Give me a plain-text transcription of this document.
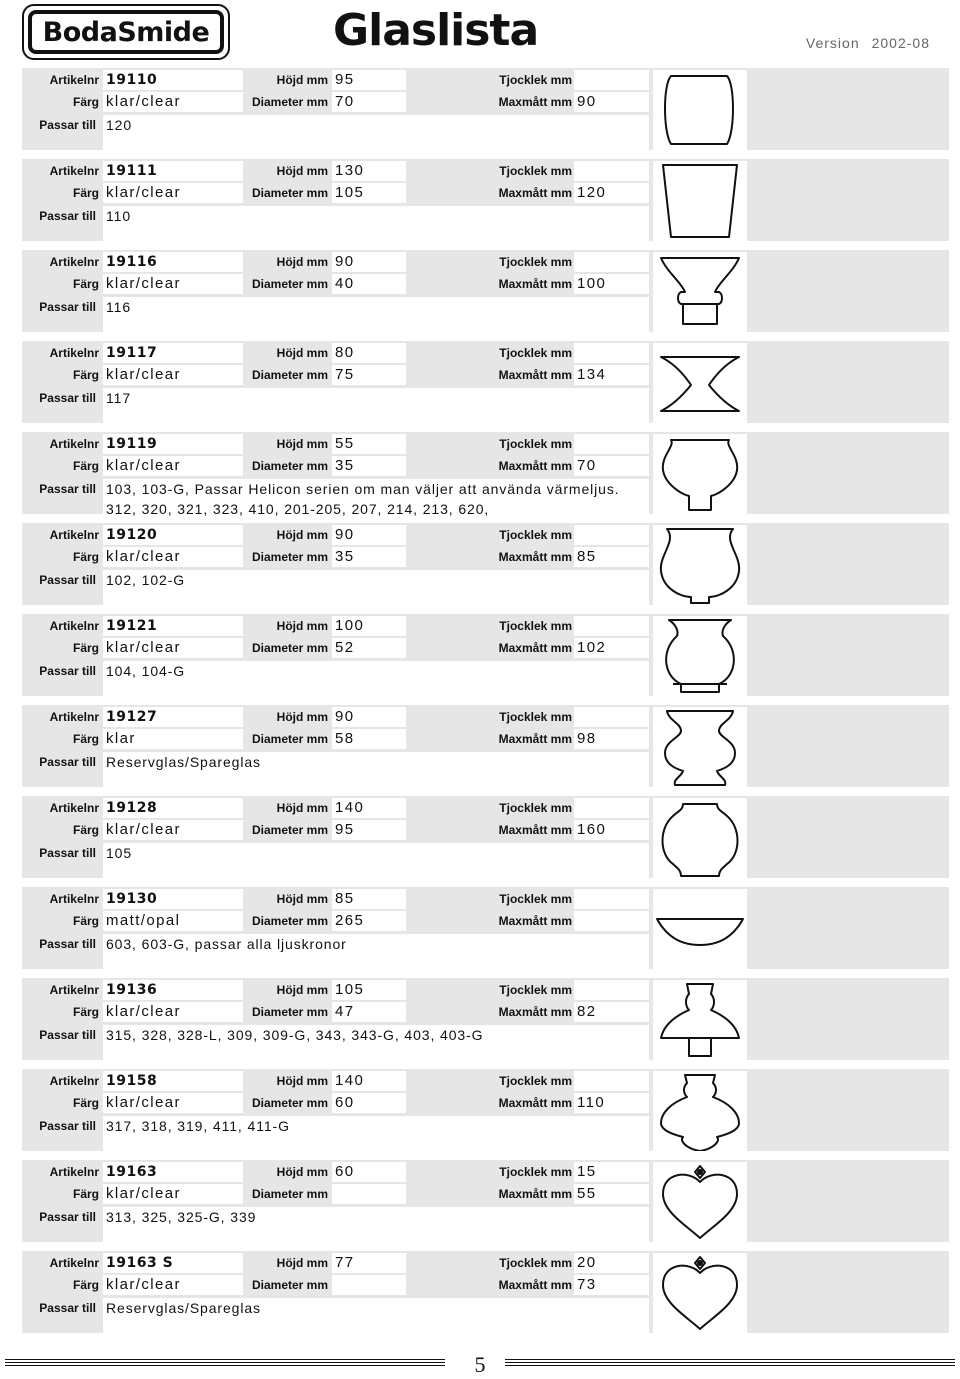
BodaSmide	Glaslista	Version 2002-08
Artikelnr 19110	Höjd mm 95	Tjocklek mm
Färg klar/clear	Diameter mm 70	Maxmått mm 90
Passar till 120
Artikelnr 19111	Höjd mm 130	Tjocklek mm
Färg klar/clear	Diameter mm 105	Maxmått mm 120
Passar till 110
Artikelnr 19116	Höjd mm 90	Tjocklek mm
Färg klar/clear	Diameter mm 40	Maxmått mm 100
Passar till 116
Artikelnr 19117	Höjd mm 80	Tjocklek mm
Färg klar/clear	Diameter mm 75	Maxmått mm 134
Passar till 117
Artikelnr 19119	Höjd mm 55	Tjocklek mm
Färg klar/clear	Diameter mm 35	Maxmått mm 70
Passar till 103, 103-G, Passar Helicon serien om man väljer att använda värmeljus. 312, 320, 321, 323, 410, 201-205, 207, 214, 213, 620,
Artikelnr 19120	Höjd mm 90	Tjocklek mm
Färg klar/clear	Diameter mm 35	Maxmått mm 85
Passar till 102, 102-G
Artikelnr 19121	Höjd mm 100	Tjocklek mm
Färg klar/clear	Diameter mm 52	Maxmått mm 102
Passar till 104, 104-G
Artikelnr 19127	Höjd mm 90	Tjocklek mm
Färg klar	Diameter mm 58	Maxmått mm 98
Passar till Reservglas/Spareglas
Artikelnr 19128	Höjd mm 140	Tjocklek mm
Färg klar/clear	Diameter mm 95	Maxmått mm 160
Passar till 105
Artikelnr 19130	Höjd mm 85	Tjocklek mm
Färg matt/opal	Diameter mm 265	Maxmått mm
Passar till 603, 603-G, passar alla ljuskronor
Artikelnr 19136	Höjd mm 105	Tjocklek mm
Färg klar/clear	Diameter mm 47	Maxmått mm 82
Passar till 315, 328, 328-L, 309, 309-G, 343, 343-G, 403, 403-G
Artikelnr 19158	Höjd mm 140	Tjocklek mm
Färg klar/clear	Diameter mm 60	Maxmått mm 110
Passar till 317, 318, 319, 411, 411-G
Artikelnr 19163	Höjd mm 60	Tjocklek mm 15
Färg klar/clear	Diameter mm	Maxmått mm 55
Passar till 313, 325, 325-G, 339
Artikelnr 19163 S	Höjd mm 77	Tjocklek mm 20
Färg klar/clear	Diameter mm	Maxmått mm 73
Passar till Reservglas/Spareglas
5
